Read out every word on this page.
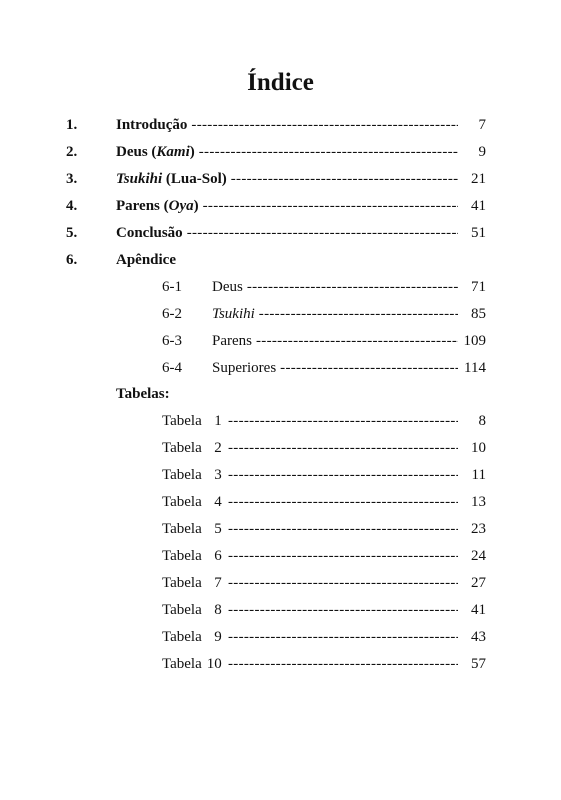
Índice
1.	Introdução -----	7
2.	Deus (Kami) -----	9
3.	Tsukihi (Lua-Sol) -----	21
4.	Parens (Oya) -----	41
5.	Conclusão -----	51
6.	Apêndice
6-1 Deus -----	71
6-2 Tsukihi -----	85
6-3 Parens -----	109
6-4 Superiores -----	114
Tabelas:
Tabela 1 -----	8
Tabela 2 -----	10
Tabela 3 -----	11
Tabela 4 -----	13
Tabela 5 -----	23
Tabela 6 -----	24
Tabela 7 -----	27
Tabela 8 -----	41
Tabela 9 -----	43
Tabela 10 -----	57
